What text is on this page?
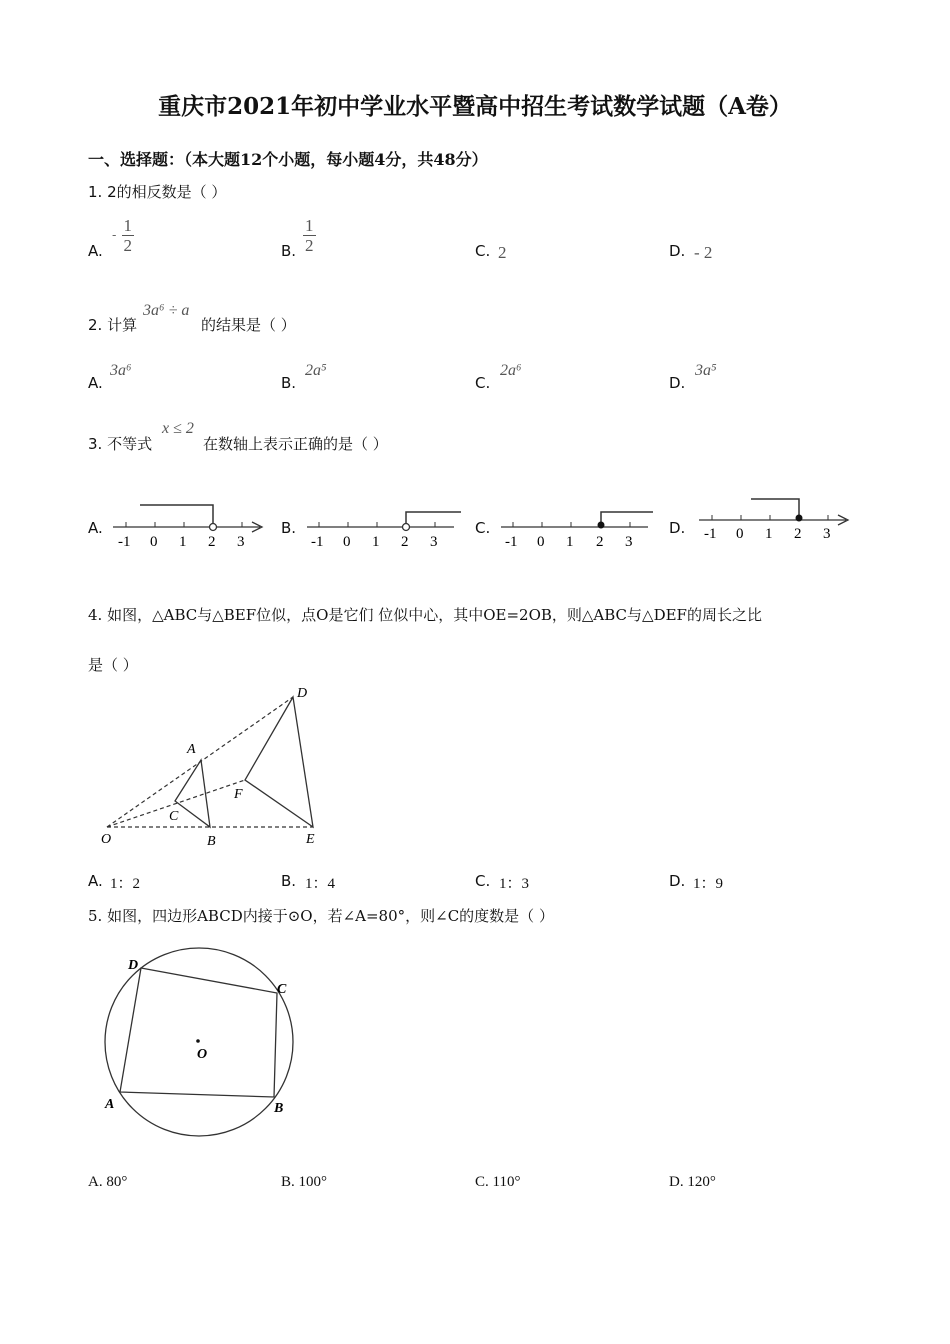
重庆市2021年初中学业水平暨高中招生考试数学试题（A卷）
一、选择题：（本大题12个小题，每小题4分，共48分）
1. 2的相反数是（ ）
A.
- $\frac{1}{2}$	B. $\frac{1}{2}$	C. 2	D. - 2
2. 计算
3a⁶ ÷ a
的结果是（ ）
A.
3a⁶
B.
2a⁵
C.
2a⁶
D.
3a⁵
3. 不等式
x ≤ 2
在数轴上表示正确的是（ ）
A.
-1 0 1 2 3
B.
-1 0 1 2 3
C.
-1 0 1 2 3
D. -1 0 1 2 3
4. 如图，△ABC与△BEF位似，点O是它们 位似中心，其中OE=2OB，则△ABC与△DEF的周长之比
是（ ）
A
B
C
D
E
F
O
A. 1：2	B. 1：4	C. 1：3	D. 1：9
5. 如图，四边形ABCD内接于⊙O，若∠A=80°，则∠C的度数是（ ）
D
C
B
A
O
A. 80°	B. 100°	C. 110°	D. 120°
